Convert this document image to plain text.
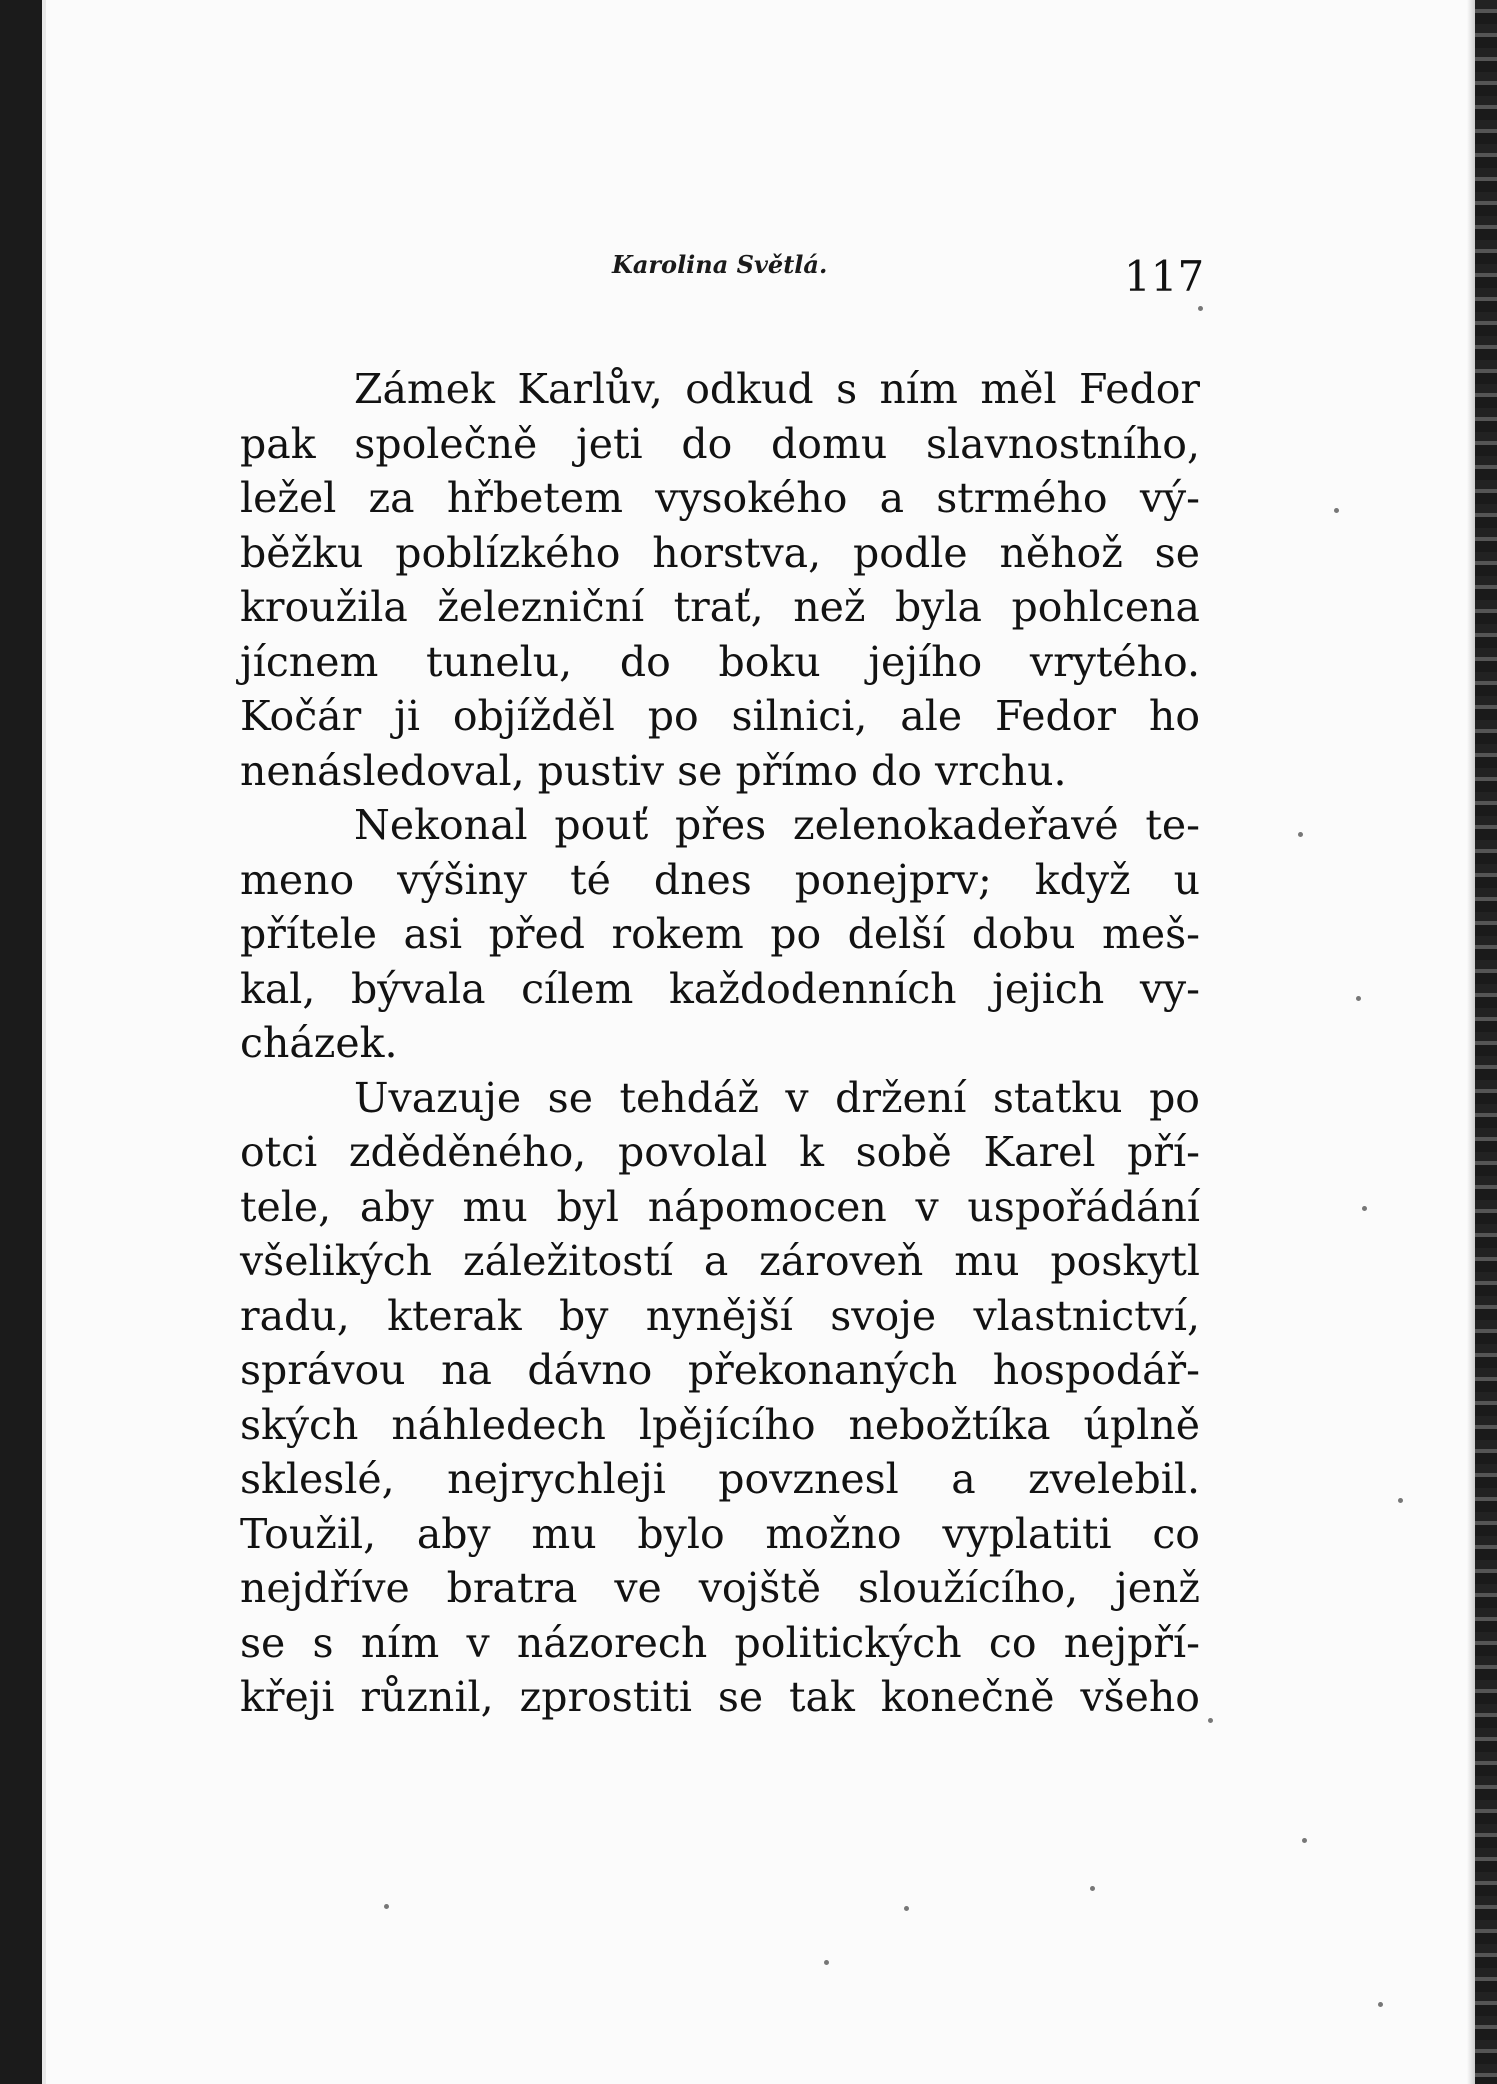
Karolina Světlá.	117
Zámek Karlův, odkud s ním měl Fedor
pak společně jeti do domu slavnostního,
ležel za hřbetem vysokého a strmého vý-
běžku poblízkého horstva, podle něhož se
kroužila železniční trať, než byla pohlcena
jícnem tunelu, do boku jejího vrytého.
Kočár ji objížděl po silnici, ale Fedor ho
nenásledoval, pustiv se přímo do vrchu.
Nekonal pouť přes zelenokadeřavé te-
meno výšiny té dnes ponejprv; když u
přítele asi před rokem po delší dobu meš-
kal, bývala cílem každodenních jejich vy-
cházek.
Uvazuje se tehdáž v držení statku po
otci zděděného, povolal k sobě Karel pří-
tele, aby mu byl nápomocen v uspořádání
všelikých záležitostí a zároveň mu poskytl
radu, kterak by nynější svoje vlastnictví,
správou na dávno překonaných hospodář-
ských náhledech lpějícího nebožtíka úplně
skleslé, nejrychleji povznesl a zvelebil.
Toužil, aby mu bylo možno vyplatiti co
nejdříve bratra ve vojště sloužícího, jenž
se s ním v názorech politických co nejpří-
křeji různil, zprostiti se tak konečně všeho
